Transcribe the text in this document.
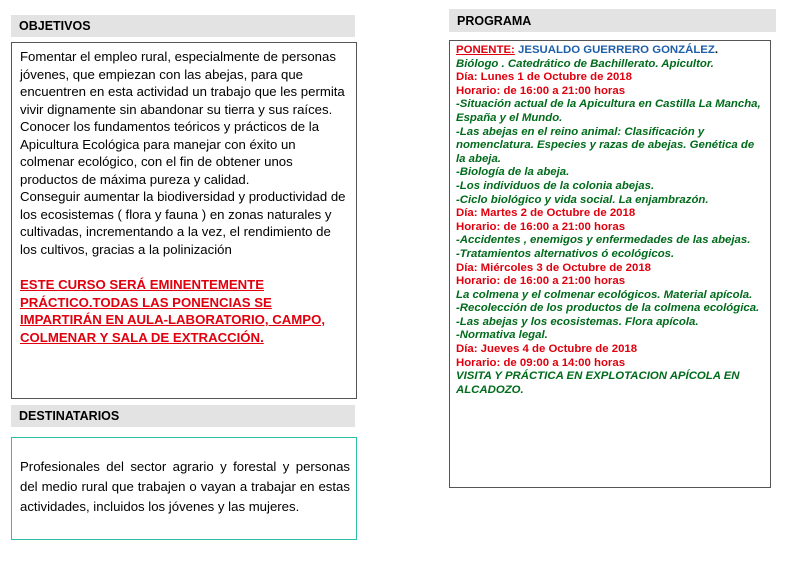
OBJETIVOS

Fomentar el empleo rural, especialmente de personas jóvenes, que empiezan con las abejas, para que encuentren en esta actividad un trabajo que les permita vivir dignamente sin abandonar su tierra y sus raíces.

Conocer los fundamentos teóricos y prácticos de la Apicultura Ecológica para manejar con éxito un colmenar ecológico, con el fin de obtener unos productos de máxima pureza y calidad.

Conseguir aumentar la biodiversidad y productividad de los ecosistemas ( flora y fauna ) en zonas naturales y cultivadas, incrementando a la vez, el rendimiento de los cultivos, gracias a la polinización

ESTE CURSO SERÁ EMINENTEMENTE PRÁCTICO.TODAS LAS PONENCIAS SE IMPARTIRÁN EN AULA-LABORATORIO, CAMPO, COLMENAR Y SALA DE EXTRACCIÓN.
DESTINATARIOS
Profesionales del sector agrario y forestal y personas del medio rural que trabajen o vayan a trabajar en estas actividades, incluidos los jóvenes y las mujeres.
PROGRAMA
PONENTE: JESUALDO GUERRERO GONZÁLEZ.
Biólogo . Catedrático de Bachillerato. Apicultor.
Día: Lunes 1 de Octubre de 2018
Horario: de 16:00 a 21:00 horas
-Situación actual de la Apicultura en Castilla La Mancha, España y el Mundo.
-Las abejas en el reino animal: Clasificación y nomenclatura. Especies y razas de abejas. Genética de la abeja.
-Biología de la abeja.
-Los individuos de la colonia abejas.
-Ciclo biológico y vida social. La enjambrazón.
Día: Martes 2 de Octubre de 2018
Horario: de 16:00 a 21:00 horas
-Accidentes , enemigos y enfermedades de las abejas.
-Tratamientos alternativos ó ecológicos.
Día: Miércoles 3 de Octubre de 2018
Horario: de 16:00 a 21:00 horas
La colmena y el colmenar ecológicos. Material apícola.
-Recolección de los productos de la colmena ecológica.
-Las abejas y los ecosistemas. Flora apícola.
-Normativa legal.
Día: Jueves 4 de Octubre de 2018
Horario: de 09:00 a 14:00 horas
VISITA Y PRÁCTICA EN EXPLOTACION APÍCOLA EN ALCADOZO.
